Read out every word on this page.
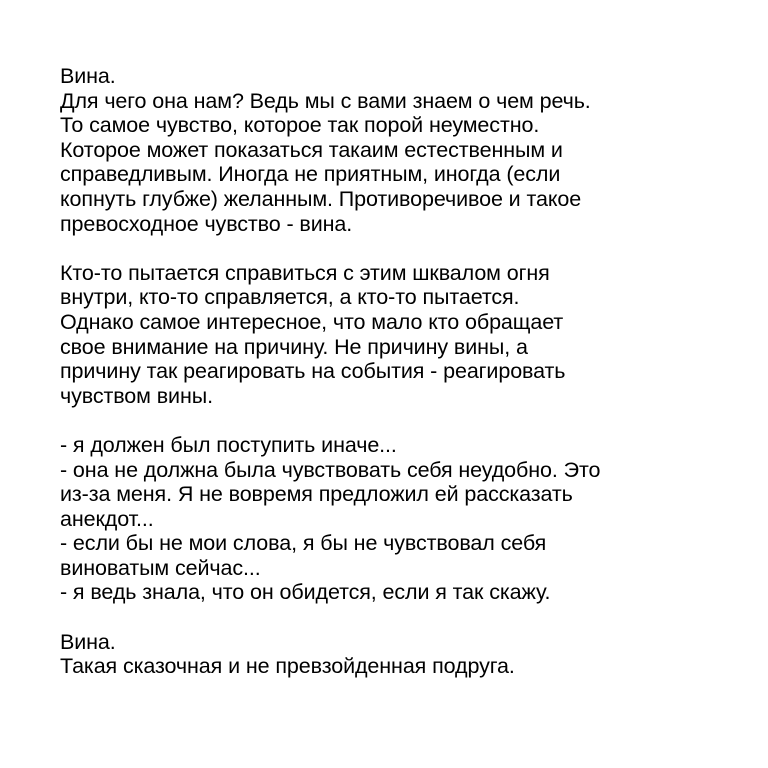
Вина.
Для чего она нам? Ведь мы с вами знаем о чем речь.
То самое чувство, которое так порой неуместно.
Которое может показаться такаим естественным и
справедливым. Иногда не приятным, иногда (если
копнуть глубже) желанным. Противоречивое и такое
превосходное чувство - вина.
Кто-то пытается справиться с этим шквалом огня
внутри, кто-то справляется, а кто-то пытается.
Однако самое интересное, что мало кто обращает
свое внимание на причину. Не причину вины, а
причину так реагировать на события - реагировать
чувством вины.
- я должен был поступить иначе...
- она не должна была чувствовать себя неудобно. Это
из-за меня. Я не вовремя предложил ей рассказать
анекдот...
- если бы не мои слова, я бы не чувствовал себя
виноватым сейчас...
- я ведь знала, что он обидется, если я так скажу.
Вина.
Такая сказочная и не превзойденная подруга.
